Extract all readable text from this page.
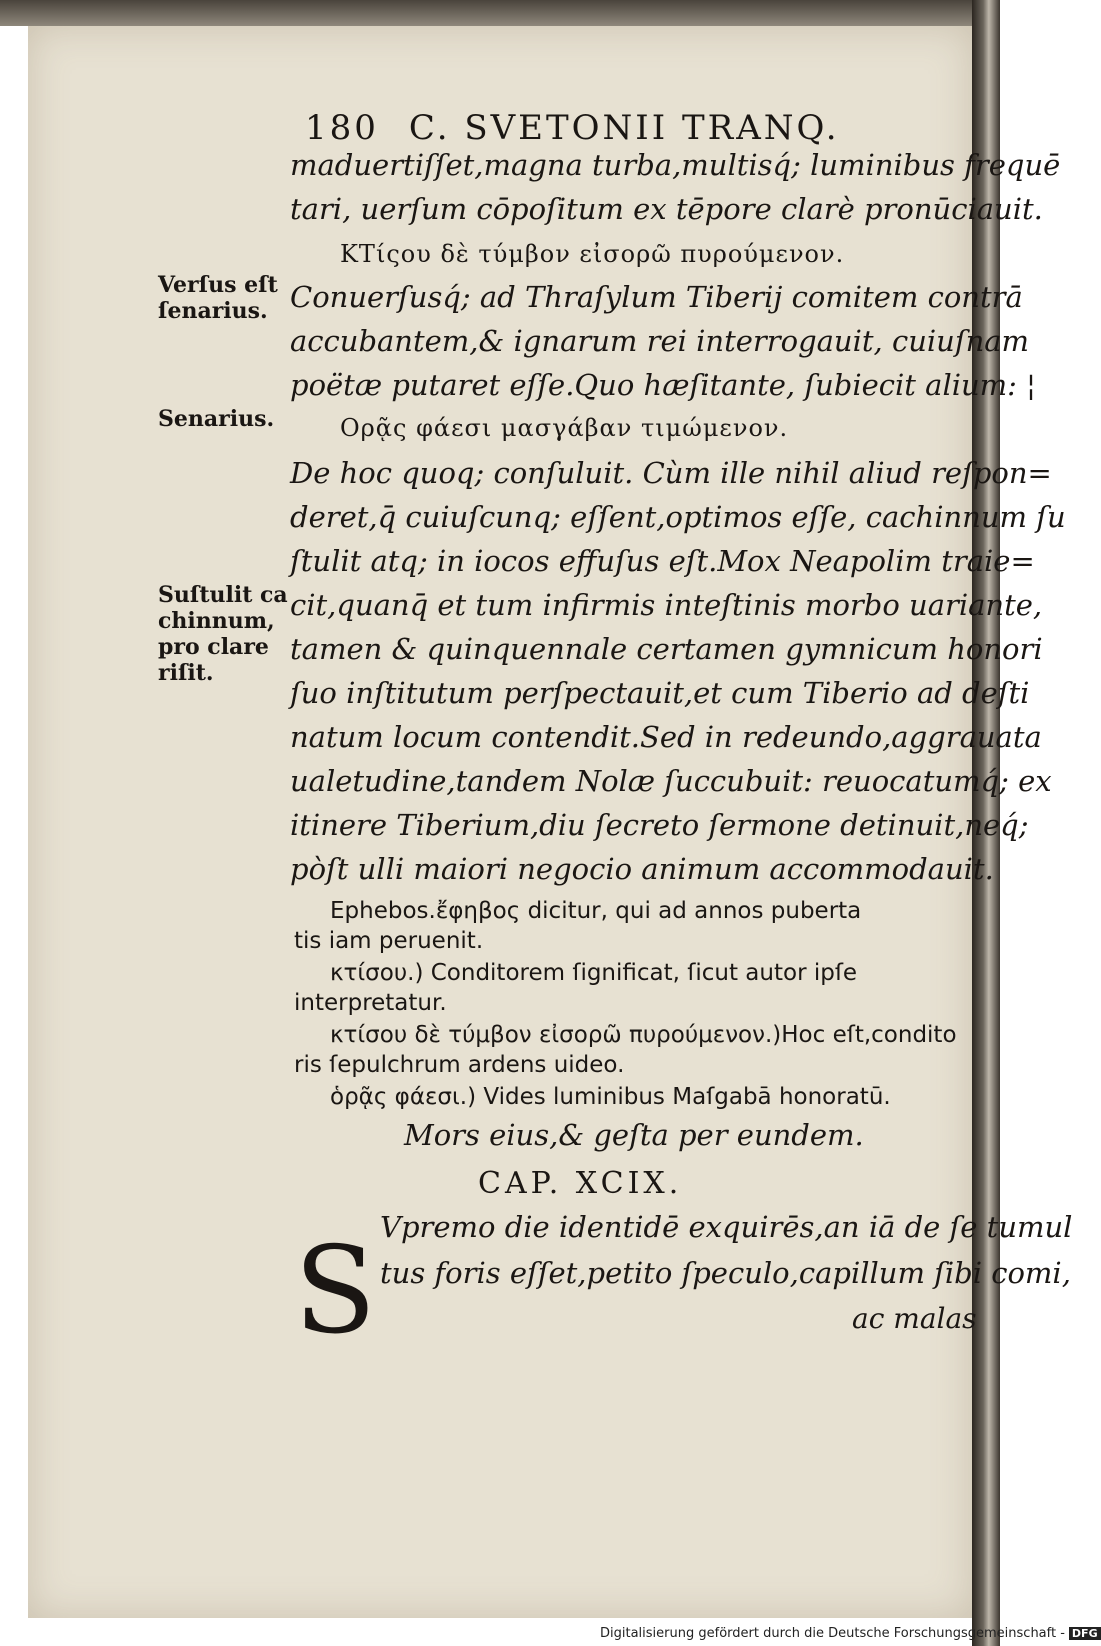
180 C. SVETONII TRANQ.
maduertiſſet,magna turba,multisq́; luminibus frequē
tari, uerſum cōpoſitum ex tēpore clarè pronūciauit.
ΚΤίςου δὲ τύμβον εἰσορῶ πυρούμενον.
Conuerſusq́; ad Thraſylum Tiberij comitem contrā
accubantem,& ignarum rei interrogauit, cuiuſnam
poëtæ putaret eſſe.Quo hæſitante, ſubiecit alium: ¦
Ορᾷς φάεσι μασγάβαν τιμώμενον.
De hoc quoq; conſuluit. Cùm ille nihil aliud reſpon=
deret,q̄ cuiuſcunq; eſſent,optimos eſſe, cachinnum ſu
ſtulit atq; in iocos effuſus eſt.Mox Neapolim traie=
cit,quanq̄ et tum infirmis inteſtinis morbo uariante,
tamen & quinquennale certamen gymnicum honori
ſuo inſtitutum perſpectauit,et cum Tiberio ad deſti
natum locum contendit.Sed in redeundo,aggrauata
ualetudine,tandem Nolæ ſuccubuit: reuocatumq́; ex
itinere Tiberium,diu ſecreto ſermone detinuit,neq́;
pòſt ulli maiori negocio animum accommodauit.
Ephebos.ἔφηβος dicitur, qui ad annos puberta
tis iam peruenit.
κτίσου.) Conditorem ſignificat, ſicut autor ipſe
interpretatur.
κτίσου δὲ τύμβον εἰσορῶ πυρούμενον.)Hoc eſt,condito
ris ſepulchrum ardens uideo.
ὁρᾷς φάεσι.) Vides luminibus Maſgabā honoratū.
Verſus eſt ſenarius.
Senarius.
Suſtulit ca chinnum, pro clare riſit.
Mors eius,& geſta per eundem.
CAP. XCIX.
S Vpremo die identidē exquirēs,an iā de ſe tumul
tus foris eſſet,petito ſpeculo,capillum ſibi comi,
ac malas
Digitalisierung gefördert durch die Deutsche Forschungsgemeinschaft - DFG
